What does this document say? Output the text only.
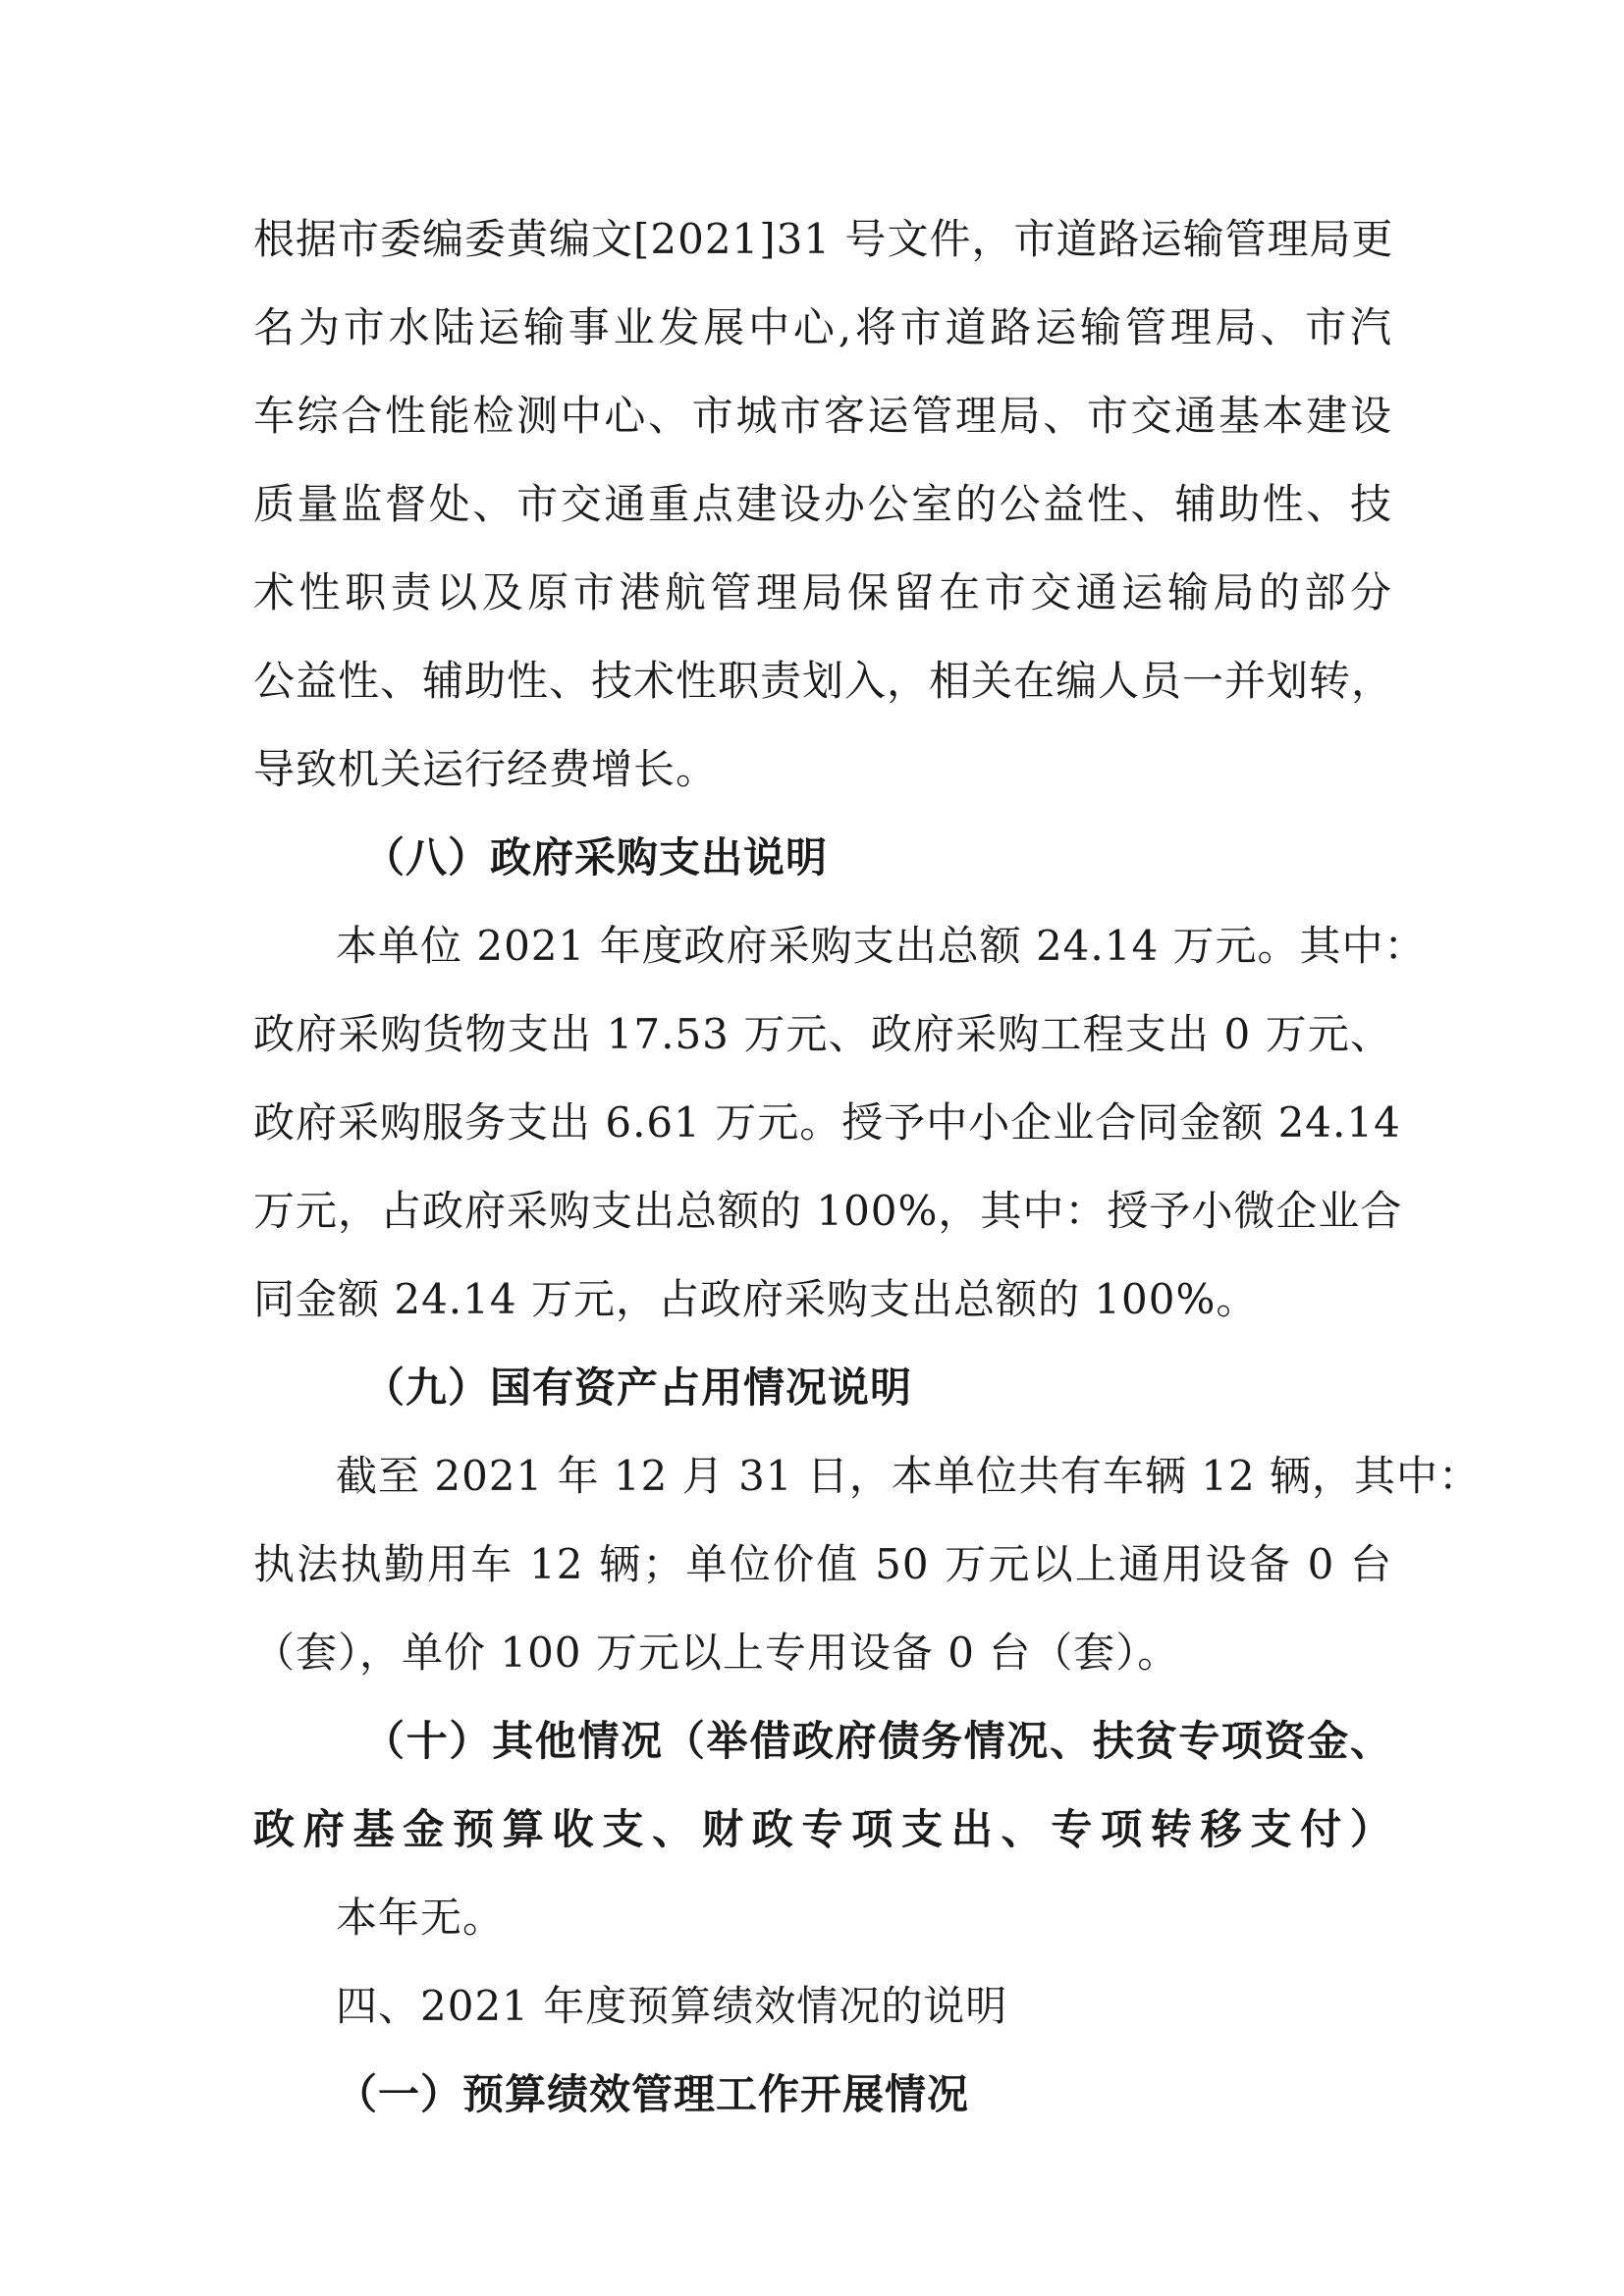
根据市委编委黄编文[2021]31 号文件，市道路运输管理局更
名为市水陆运输事业发展中心,将市道路运输管理局、市汽
车综合性能检测中心、市城市客运管理局、市交通基本建设
质量监督处、市交通重点建设办公室的公益性、辅助性、技
术性职责以及原市港航管理局保留在市交通运输局的部分
公益性、辅助性、技术性职责划入，相关在编人员一并划转，
导致机关运行经费增长。
（八）政府采购支出说明
本单位 2021 年度政府采购支出总额 24.14 万元。其中：
政府采购货物支出 17.53 万元、政府采购工程支出 0 万元、
政府采购服务支出 6.61 万元。授予中小企业合同金额 24.14
万元，占政府采购支出总额的 100%，其中：授予小微企业合
同金额 24.14 万元，占政府采购支出总额的 100%。
（九）国有资产占用情况说明
截至 2021 年 12 月 31 日，本单位共有车辆 12 辆，其中：
执法执勤用车 12 辆；单位价值 50 万元以上通用设备 0 台
（套），单价 100 万元以上专用设备 0 台（套）。
（十）其他情况（举借政府债务情况、扶贫专项资金、
政府基金预算收支、财政专项支出、专项转移支付）
本年无。
四、2021 年度预算绩效情况的说明
（一）预算绩效管理工作开展情况
